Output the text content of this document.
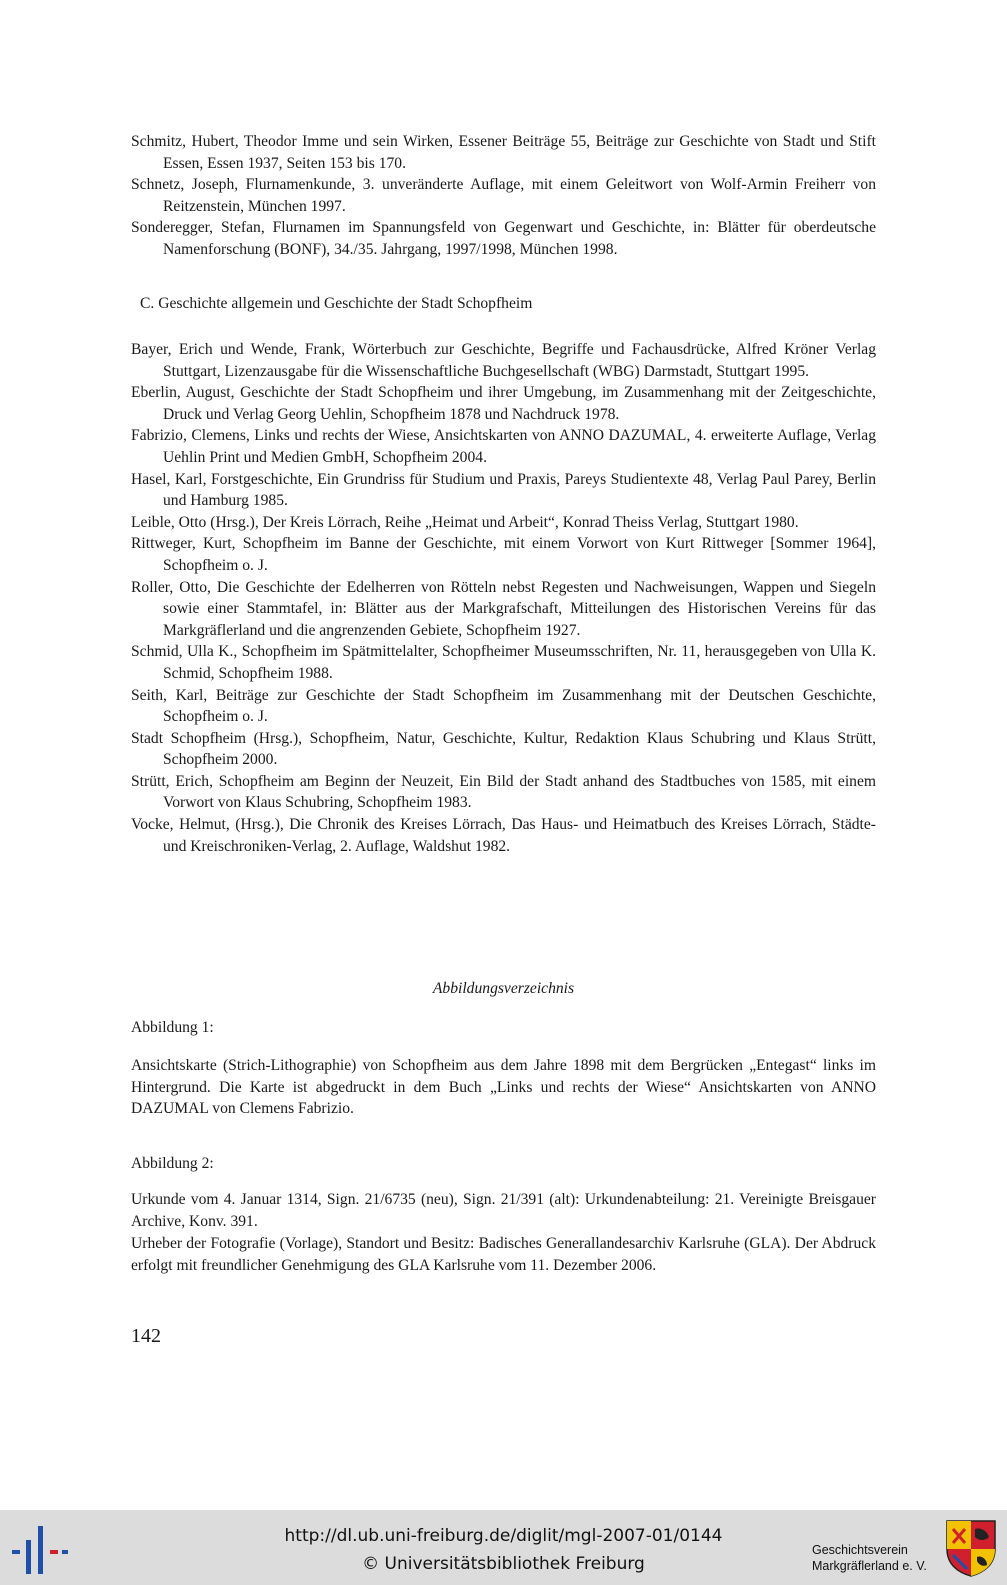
Schmitz, Hubert, Theodor Imme und sein Wirken, Essener Beiträge 55, Beiträge zur Geschichte von Stadt und Stift Essen, Essen 1937, Seiten 153 bis 170.

Schnetz, Joseph, Flurnamenkunde, 3. unveränderte Auflage, mit einem Geleitwort von Wolf-Armin Freiherr von Reitzenstein, München 1997.

Sonderegger, Stefan, Flurnamen im Spannungsfeld von Gegenwart und Geschichte, in: Blätter für oberdeutsche Namenforschung (BONF), 34./35. Jahrgang, 1997/1998, München 1998.

C. Geschichte allgemein und Geschichte der Stadt Schopfheim

Bayer, Erich und Wende, Frank, Wörterbuch zur Geschichte, Begriffe und Fachausdrücke, Alfred Kröner Verlag Stuttgart, Lizenzausgabe für die Wissenschaftliche Buchgesellschaft (WBG) Darmstadt, Stuttgart 1995.

Eberlin, August, Geschichte der Stadt Schopfheim und ihrer Umgebung, im Zusammenhang mit der Zeitgeschichte, Druck und Verlag Georg Uehlin, Schopfheim 1878 und Nachdruck 1978.

Fabrizio, Clemens, Links und rechts der Wiese, Ansichtskarten von ANNO DAZUMAL, 4. erweiterte Auflage, Verlag Uehlin Print und Medien GmbH, Schopfheim 2004.

Hasel, Karl, Forstgeschichte, Ein Grundriss für Studium und Praxis, Pareys Studientexte 48, Verlag Paul Parey, Berlin und Hamburg 1985.

Leible, Otto (Hrsg.), Der Kreis Lörrach, Reihe „Heimat und Arbeit“, Konrad Theiss Verlag, Stuttgart 1980.

Rittweger, Kurt, Schopfheim im Banne der Geschichte, mit einem Vorwort von Kurt Rittweger [Sommer 1964], Schopfheim o. J.

Roller, Otto, Die Geschichte der Edelherren von Rötteln nebst Regesten und Nachweisungen, Wappen und Siegeln sowie einer Stammtafel, in: Blätter aus der Markgrafschaft, Mitteilungen des Historischen Vereins für das Markgräflerland und die angrenzenden Gebiete, Schopfheim 1927.

Schmid, Ulla K., Schopfheim im Spätmittelalter, Schopfheimer Museumsschriften, Nr. 11, herausgegeben von Ulla K. Schmid, Schopfheim 1988.

Seith, Karl, Beiträge zur Geschichte der Stadt Schopfheim im Zusammenhang mit der Deutschen Geschichte, Schopfheim o. J.

Stadt Schopfheim (Hrsg.), Schopfheim, Natur, Geschichte, Kultur, Redaktion Klaus Schubring und Klaus Strütt, Schopfheim 2000.

Strütt, Erich, Schopfheim am Beginn der Neuzeit, Ein Bild der Stadt anhand des Stadtbuches von 1585, mit einem Vorwort von Klaus Schubring, Schopfheim 1983.

Vocke, Helmut, (Hrsg.), Die Chronik des Kreises Lörrach, Das Haus- und Heimatbuch des Kreises Lörrach, Städte- und Kreischroniken-Verlag, 2. Auflage, Waldshut 1982.

Abbildungsverzeichnis

Abbildung 1:

Ansichtskarte (Strich-Lithographie) von Schopfheim aus dem Jahre 1898 mit dem Bergrücken „Entegast“ links im Hintergrund. Die Karte ist abgedruckt in dem Buch „Links und rechts der Wiese“ Ansichtskarten von ANNO DAZUMAL von Clemens Fabrizio.

Abbildung 2:

Urkunde vom 4. Januar 1314, Sign. 21/6735 (neu), Sign. 21/391 (alt): Urkundenabteilung: 21. Vereinigte Breisgauer Archive, Konv. 391.

Urheber der Fotografie (Vorlage), Standort und Besitz: Badisches Generallandesarchiv Karlsruhe (GLA). Der Abdruck erfolgt mit freundlicher Genehmigung des GLA Karlsruhe vom 11. Dezember 2006.

142

http://dl.ub.uni-freiburg.de/diglit/mgl-2007-01/0144
© Universitätsbibliothek Freiburg
Geschichtsverein
Markgräflerland e. V.
